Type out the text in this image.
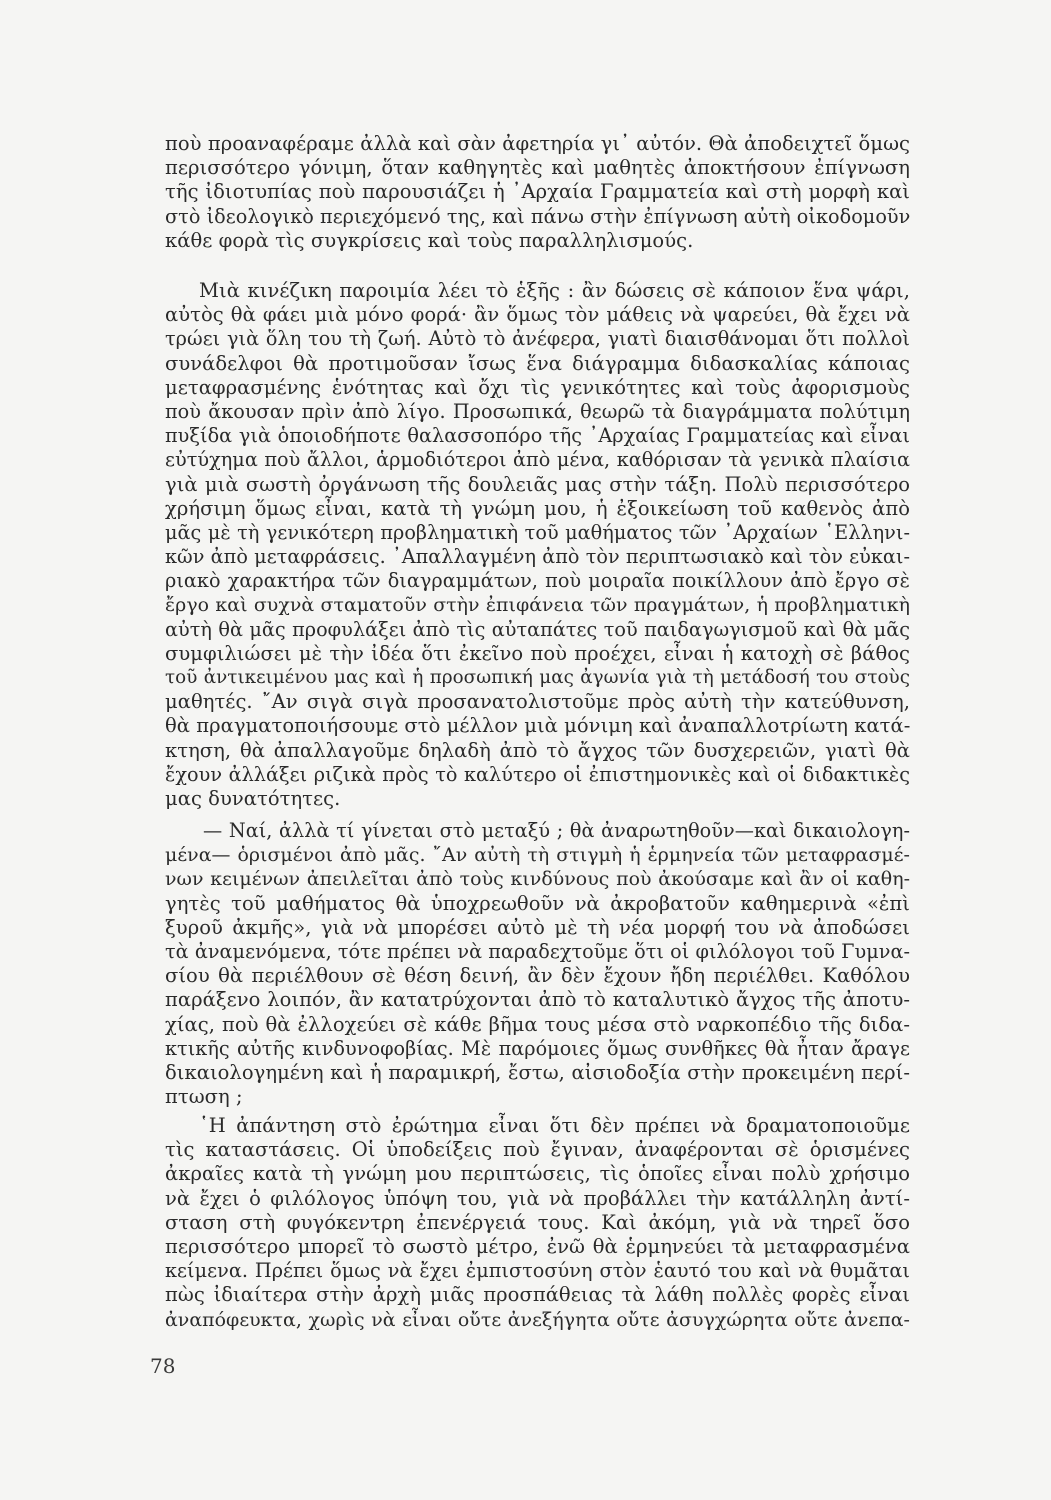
ποὺ προαναφέραμε ἀλλὰ καὶ σὰν ἀφετηρία γι᾿ αὐτόν. Θὰ ἀποδειχτεῖ ὅμως
περισσότερο γόνιμη, ὅταν καθηγητὲς καὶ μαθητὲς ἀποκτήσουν ἐπίγνωση
τῆς ἰδιοτυπίας ποὺ παρουσιάζει ἡ ᾿Αρχαία Γραμματεία καὶ στὴ μορφὴ καὶ
στὸ ἰδεολογικὸ περιεχόμενό της, καὶ πάνω στὴν ἐπίγνωση αὐτὴ οἰκοδομοῦν
κάθε φορὰ τὶς συγκρίσεις καὶ τοὺς παραλληλισμούς.
Μιὰ κινέζικη παροιμία λέει τὸ ἑξῆς : ἂν δώσεις σὲ κάποιον ἕνα ψάρι,
αὐτὸς θὰ φάει μιὰ μόνο φορά· ἂν ὅμως τὸν μάθεις νὰ ψαρεύει, θὰ ἔχει νὰ
τρώει γιὰ ὅλη του τὴ ζωή. Αὐτὸ τὸ ἀνέφερα, γιατὶ διαισθάνομαι ὅτι πολλοὶ
συνάδελφοι θὰ προτιμοῦσαν ἴσως ἕνα διάγραμμα διδασκαλίας κάποιας
μεταφρασμένης ἑνότητας καὶ ὄχι τὶς γενικότητες καὶ τοὺς ἀφορισμοὺς
ποὺ ἄκουσαν πρὶν ἀπὸ λίγο. Προσωπικά, θεωρῶ τὰ διαγράμματα πολύτιμη
πυξίδα γιὰ ὁποιοδήποτε θαλασσοπόρο τῆς ᾿Αρχαίας Γραμματείας καὶ εἶναι
εὐτύχημα ποὺ ἄλλοι, ἁρμοδιότεροι ἀπὸ μένα, καθόρισαν τὰ γενικὰ πλαίσια
γιὰ μιὰ σωστὴ ὀργάνωση τῆς δουλειᾶς μας στὴν τάξη. Πολὺ περισσότερο
χρήσιμη ὅμως εἶναι, κατὰ τὴ γνώμη μου, ἡ ἐξοικείωση τοῦ καθενὸς ἀπὸ
μᾶς μὲ τὴ γενικότερη προβληματικὴ τοῦ μαθήματος τῶν ᾿Αρχαίων ῾Ελληνι-
κῶν ἀπὸ μεταφράσεις. ᾿Απαλλαγμένη ἀπὸ τὸν περιπτωσιακὸ καὶ τὸν εὐκαι-
ριακὸ χαρακτήρα τῶν διαγραμμάτων, ποὺ μοιραῖα ποικίλλουν ἀπὸ ἔργο σὲ
ἔργο καὶ συχνὰ σταματοῦν στὴν ἐπιφάνεια τῶν πραγμάτων, ἡ προβληματικὴ
αὐτὴ θὰ μᾶς προφυλάξει ἀπὸ τὶς αὐταπάτες τοῦ παιδαγωγισμοῦ καὶ θὰ μᾶς
συμφιλιώσει μὲ τὴν ἰδέα ὅτι ἐκεῖνο ποὺ προέχει, εἶναι ἡ κατοχὴ σὲ βάθος
τοῦ ἀντικειμένου μας καὶ ἡ προσωπική μας ἀγωνία γιὰ τὴ μετάδοσή του στοὺς
μαθητές. ῎Αν σιγὰ σιγὰ προσανατολιστοῦμε πρὸς αὐτὴ τὴν κατεύθυνση,
θὰ πραγματοποιήσουμε στὸ μέλλον μιὰ μόνιμη καὶ ἀναπαλλοτρίωτη κατά-
κτηση, θὰ ἀπαλλαγοῦμε δηλαδὴ ἀπὸ τὸ ἄγχος τῶν δυσχερειῶν, γιατὶ θὰ
ἔχουν ἀλλάξει ριζικὰ πρὸς τὸ καλύτερο οἱ ἐπιστημονικὲς καὶ οἱ διδακτικὲς
μας δυνατότητες.
— Ναί, ἀλλὰ τί γίνεται στὸ μεταξύ ; θὰ ἀναρωτηθοῦν—καὶ δικαιολογη-
μένα— ὁρισμένοι ἀπὸ μᾶς. ῎Αν αὐτὴ τὴ στιγμὴ ἡ ἑρμηνεία τῶν μεταφρασμέ-
νων κειμένων ἀπειλεῖται ἀπὸ τοὺς κινδύνους ποὺ ἀκούσαμε καὶ ἂν οἱ καθη-
γητὲς τοῦ μαθήματος θὰ ὑποχρεωθοῦν νὰ ἀκροβατοῦν καθημερινὰ «ἐπὶ
ξυροῦ ἀκμῆς», γιὰ νὰ μπορέσει αὐτὸ μὲ τὴ νέα μορφή του νὰ ἀποδώσει
τὰ ἀναμενόμενα, τότε πρέπει νὰ παραδεχτοῦμε ὅτι οἱ φιλόλογοι τοῦ Γυμνα-
σίου θὰ περιέλθουν σὲ θέση δεινή, ἂν δὲν ἔχουν ἤδη περιέλθει. Καθόλου
παράξενο λοιπόν, ἂν κατατρύχονται ἀπὸ τὸ καταλυτικὸ ἄγχος τῆς ἀποτυ-
χίας, ποὺ θὰ ἐλλοχεύει σὲ κάθε βῆμα τους μέσα στὸ ναρκοπέδιο τῆς διδα-
κτικῆς αὐτῆς κινδυνοφοβίας. Μὲ παρόμοιες ὅμως συνθῆκες θὰ ἦταν ἄραγε
δικαιολογημένη καὶ ἡ παραμικρή, ἔστω, αἰσιοδοξία στὴν προκειμένη περί-
πτωση ;
῾Η ἀπάντηση στὸ ἐρώτημα εἶναι ὅτι δὲν πρέπει νὰ δραματοποιοῦμε
τὶς καταστάσεις. Οἱ ὑποδείξεις ποὺ ἔγιναν, ἀναφέρονται σὲ ὁρισμένες
ἀκραῖες κατὰ τὴ γνώμη μου περιπτώσεις, τὶς ὁποῖες εἶναι πολὺ χρήσιμο
νὰ ἔχει ὁ φιλόλογος ὑπόψη του, γιὰ νὰ προβάλλει τὴν κατάλληλη ἀντί-
σταση στὴ φυγόκεντρη ἐπενέργειά τους. Καὶ ἀκόμη, γιὰ νὰ τηρεῖ ὅσο
περισσότερο μπορεῖ τὸ σωστὸ μέτρο, ἐνῶ θὰ ἑρμηνεύει τὰ μεταφρασμένα
κείμενα. Πρέπει ὅμως νὰ ἔχει ἐμπιστοσύνη στὸν ἑαυτό του καὶ νὰ θυμᾶται
πὼς ἰδιαίτερα στὴν ἀρχὴ μιᾶς προσπάθειας τὰ λάθη πολλὲς φορὲς εἶναι
ἀναπόφευκτα, χωρὶς νὰ εἶναι οὔτε ἀνεξήγητα οὔτε ἀσυγχώρητα οὔτε ἀνεπα-
78
